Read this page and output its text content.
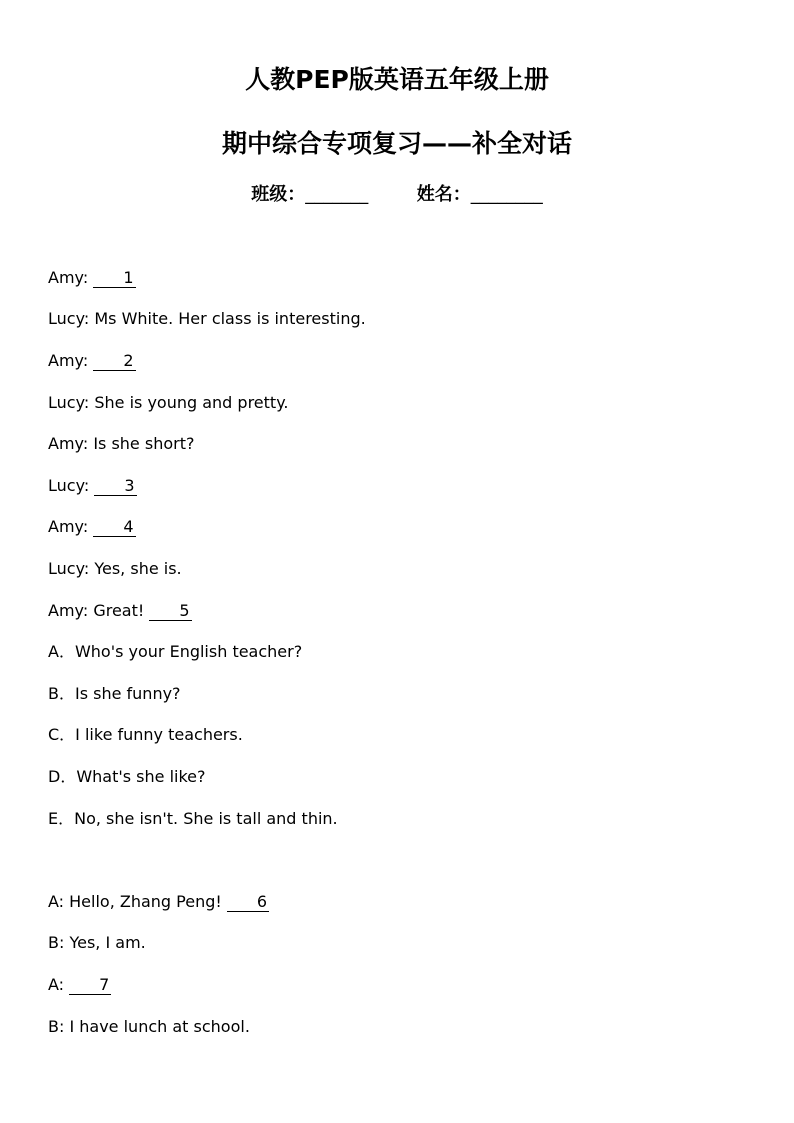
人教PEP版英语五年级上册
期中综合专项复习——补全对话
班级：_______	姓名：________

Amy: 1

Lucy: Ms White. Her class is interesting.

Amy: 2

Lucy: She is young and pretty.

Amy: Is she short?

Lucy: 3

Amy: 4

Lucy: Yes, she is.

Amy: Great! 5

A．Who's your English teacher?

B．Is she funny?

C．I like funny teachers.

D．What's she like?

E．No, she isn't. She is tall and thin.

A: Hello, Zhang Peng! 6

B: Yes, I am.

A: 7

B: I have lunch at school.
